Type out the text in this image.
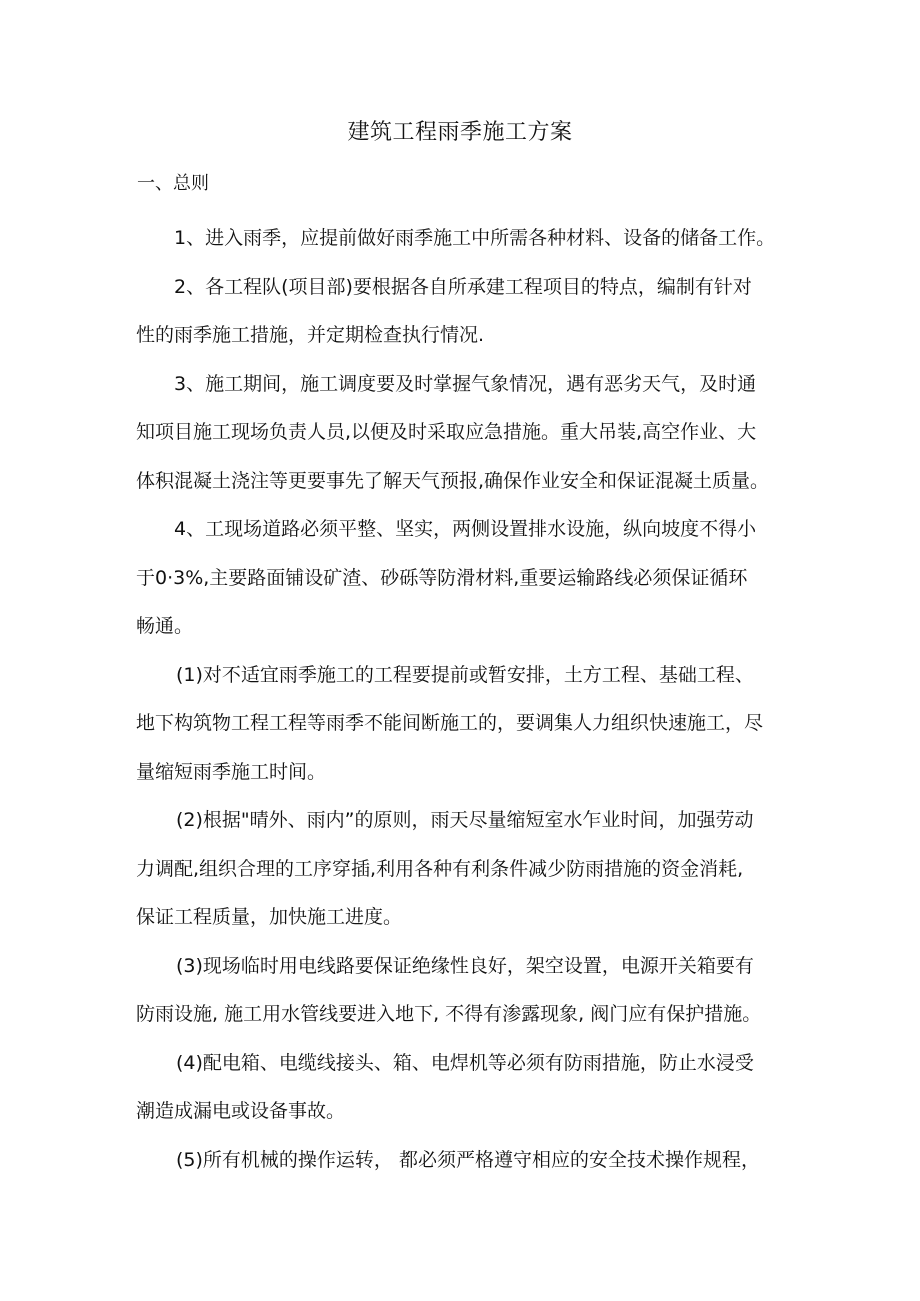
建筑工程雨季施工方案
一、总则

1、进入雨季，应提前做好雨季施工中所需各种材料、设备的储备工作。

2、各工程队(项目部)要根据各自所承建工程项目的特点，编制有针对
性的雨季施工措施，并定期检查执行情况.

3、施工期间，施工调度要及时掌握气象情况，遇有恶劣天气，及时通
知项目施工现场负责人员,以便及时采取应急措施。重大吊装,高空作业、大
体积混凝土浇注等更要事先了解天气预报,确保作业安全和保证混凝土质量。

4、工现场道路必须平整、坚实，两侧设置排水设施，纵向坡度不得小
于0·3%,主要路面铺设矿渣、砂砾等防滑材料,重要运输路线必须保证循环
畅通。

(1)对不适宜雨季施工的工程要提前或暂安排，土方工程、基础工程、
地下构筑物工程工程等雨季不能间断施工的，要调集人力组织快速施工，尽
量缩短雨季施工时间。

(2)根据"晴外、雨内”的原则，雨天尽量缩短室水乍业时间，加强劳动
力调配,组织合理的工序穿插,利用各种有利条件减少防雨措施的资金消耗,
保证工程质量，加快施工进度。

(3)现场临时用电线路要保证绝缘性良好，架空设置，电源开关箱要有
防雨设施, 施工用水管线要进入地下, 不得有渗露现象, 阀门应有保护措施。

(4)配电箱、电缆线接头、箱、电焊机等必须有防雨措施，防止水浸受
潮造成漏电或设备事故。

(5)所有机械的操作运转， 都必须严格遵守相应的安全技术操作规程，
